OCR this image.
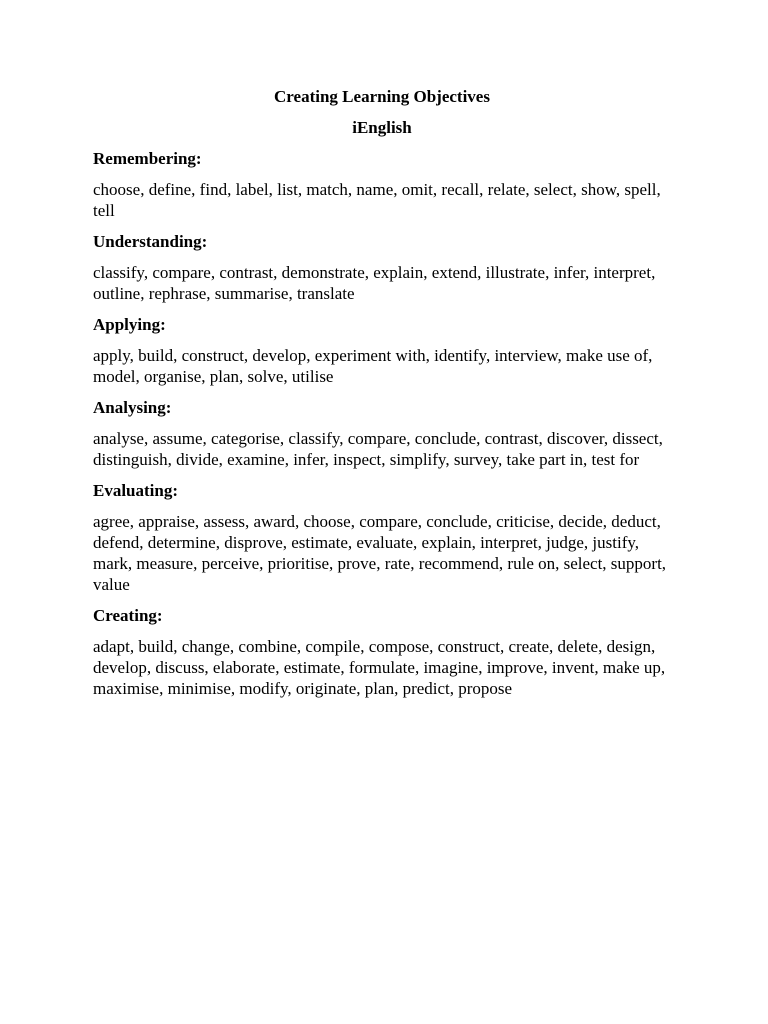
Creating Learning Objectives

iEnglish

Remembering:

choose, define, find, label, list, match, name, omit, recall, relate, select, show, spell, tell

Understanding:

classify, compare, contrast, demonstrate, explain, extend, illustrate, infer, interpret, outline, rephrase, summarise, translate

Applying:

apply, build, construct, develop, experiment with, identify, interview, make use of, model, organise, plan, solve, utilise

Analysing:

analyse, assume, categorise, classify, compare, conclude, contrast, discover, dissect, distinguish, divide, examine, infer, inspect, simplify, survey, take part in, test for

Evaluating:

agree, appraise, assess, award, choose, compare, conclude, criticise, decide, deduct, defend, determine, disprove, estimate, evaluate, explain, interpret, judge, justify, mark, measure, perceive, prioritise, prove, rate, recommend, rule on, select, support, value

Creating:

adapt, build, change, combine, compile, compose, construct, create, delete, design, develop, discuss, elaborate, estimate, formulate, imagine, improve, invent, make up, maximise, minimise, modify, originate, plan, predict, propose
